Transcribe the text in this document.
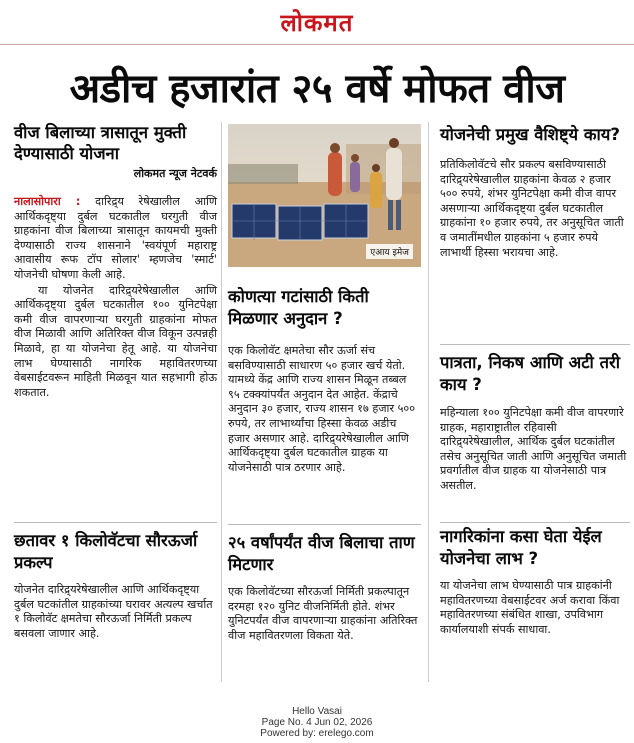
लोकमत
अडीच हजारांत २५ वर्षे मोफत वीज
वीज बिलाच्या त्रासातून मुक्ती देण्यासाठी योजना
लोकमत न्यूज नेटवर्क
नालासोपारा : दारिद्र्य रेषेखालील आणि आर्थिकदृष्ट्या दुर्बल घटकातील घरगुती वीज ग्राहकांना वीज बिलाच्या त्रासातून कायमची मुक्ती देण्यासाठी राज्य शासनाने 'स्वयंपूर्ण महाराष्ट्र आवासीय रूफ टॉप सोलार' म्हणजेच 'स्मार्ट' योजनेची घोषणा केली आहे.
या योजनेत दारिद्र्यरेषेखालील आणि आर्थिकदृष्ट्या दुर्बल घटकातील १०० युनिटपेक्षा कमी वीज वापरणाऱ्या घरगुती ग्राहकांना मोफत वीज मिळावी आणि अतिरिक्त वीज विकून उत्पन्नही मिळावे, हा या योजनेचा हेतू आहे. या योजनेचा लाभ घेण्यासाठी नागरिक महावितरणच्या वेबसाईटवरून माहिती मिळवून यात सहभागी होऊ शकतात.
छतावर १ किलोवॅटचा सौरऊर्जा प्रकल्प
योजनेत दारिद्र्यरेषेखालील आणि आर्थिकदृष्ट्या दुर्बल घटकांतील ग्राहकांच्या घरावर अत्यल्प खर्चात १ किलोवॅट क्षमतेचा सौरऊर्जा निर्मिती प्रकल्प बसवला जाणार आहे.
एआय इमेज
कोणत्या गटांसाठी किती मिळणार अनुदान ?
एक किलोवॅट क्षमतेचा सौर ऊर्जा संच बसविण्यासाठी साधारण ५० हजार खर्च येतो. यामध्ये केंद्र आणि राज्य शासन मिळून तब्बल ९५ टक्क्यांपर्यंत अनुदान देत आहेत. केंद्राचे अनुदान ३० हजार, राज्य शासन १७ हजार ५०० रुपये, तर लाभार्थ्यांचा हिस्सा केवळ अडीच हजार असणार आहे. दारिद्र्यरेषेखालील आणि आर्थिकदृष्ट्या दुर्बल घटकातील ग्राहक या योजनेसाठी पात्र ठरणार आहे.
२५ वर्षांपर्यंत वीज बिलाचा ताण मिटणार
एक किलोवॅटच्या सौरऊर्जा निर्मिती प्रकल्पातून दरमहा १२० युनिट वीजनिर्मिती होते. शंभर युनिटपर्यंत वीज वापरणाऱ्या ग्राहकांना अतिरिक्त वीज महावितरणला विकता येते.
योजनेची प्रमुख वैशिष्ट्ये काय?
प्रतिकिलोवॅटचे सौर प्रकल्प बसविण्यासाठी दारिद्र्यरेषेखालील ग्राहकांना केवळ २ हजार ५०० रुपये, शंभर युनिटपेक्षा कमी वीज वापर असणाऱ्या आर्थिकदृष्ट्या दुर्बल घटकातील ग्राहकांना १० हजार रुपये, तर अनुसूचित जाती व जमातींमधील ग्राहकांना ५ हजार रुपये लाभार्थी हिस्सा भरायचा आहे.
पात्रता, निकष आणि अटी तरी काय ?
महिन्याला १०० युनिटपेक्षा कमी वीज वापरणारे ग्राहक, महाराष्ट्रातील रहिवासी दारिद्र्यरेषेखालील, आर्थिक दुर्बल घटकांतील तसेच अनुसूचित जाती आणि अनुसूचित जमाती प्रवर्गातील वीज ग्राहक या योजनेसाठी पात्र असतील.
नागरिकांना कसा घेता येईल योजनेचा लाभ ?
या योजनेचा लाभ घेण्यासाठी पात्र ग्राहकांनी महावितरणच्या वेबसाईटवर अर्ज करावा किंवा महावितरणच्या संबंधित शाखा, उपविभाग कार्यालयाशी संपर्क साधावा.
Hello Vasai
Page No. 4 Jun 02, 2026
Powered by: erelego.com
